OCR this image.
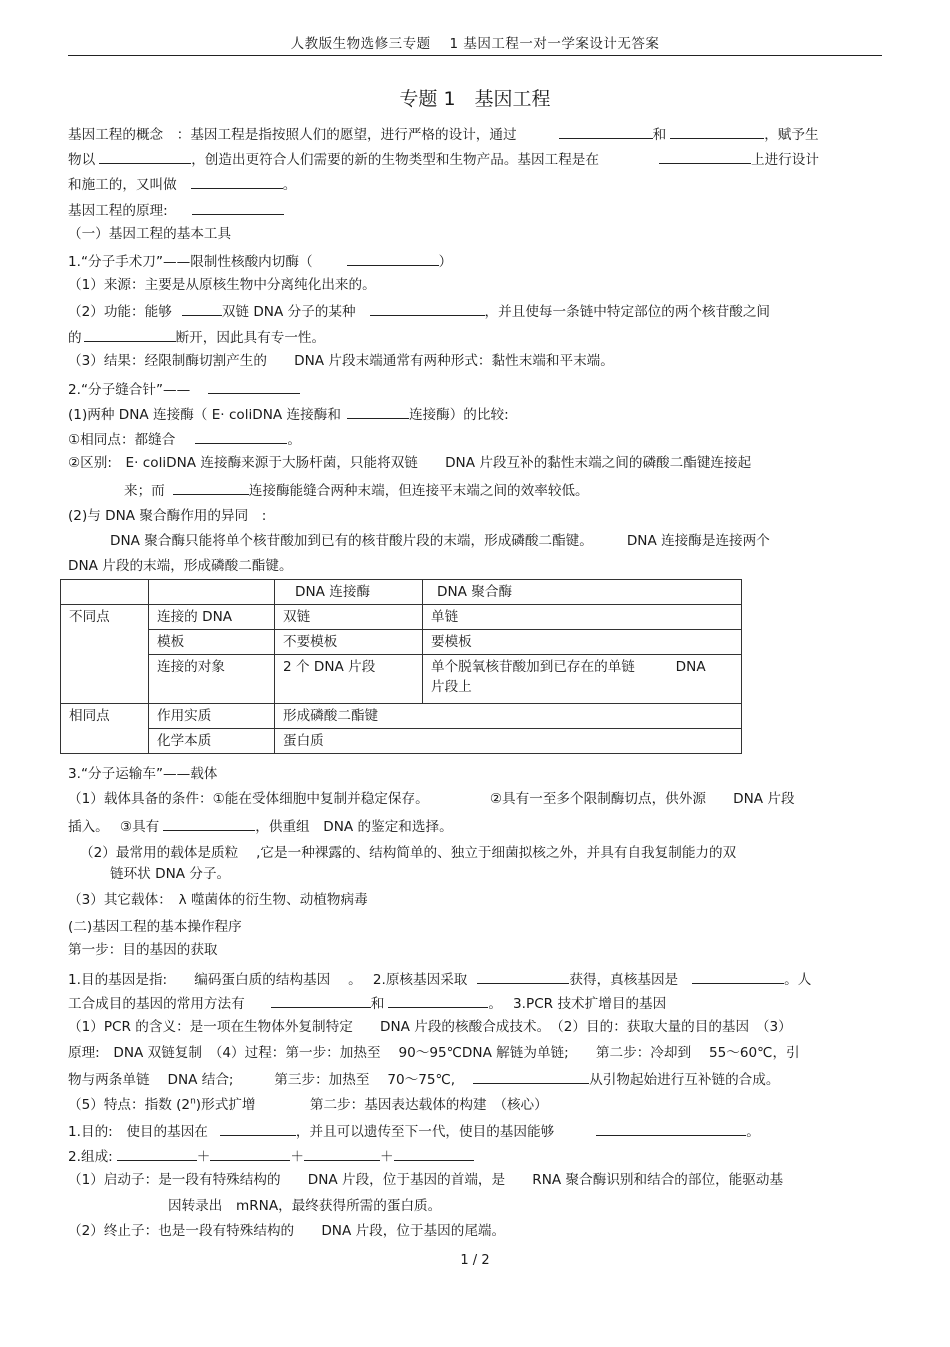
人教版生物选修三专题　 1 基因工程一对一学案设计无答案
专题 1　基因工程
基因工程的概念　：基因工程是指按照人们的愿望，进行严格的设计，通过	和	，赋予生
物以	，创造出更符合人们需要的新的生物类型和生物产品。基因工程是在	上进行设计
和施工的，又叫做	。
基因工程的原理:
（一）基因工程的基本工具
1.“分子手术刀”——限制性核酸内切酶（	）
（1）来源：主要是从原核生物中分离纯化出来的。
（2）功能：能够	双链 DNA 分子的某种	，并且使每一条链中特定部位的两个核苷酸之间
的	断开，因此具有专一性。
（3）结果：经限制酶切割产生的　　DNA 片段末端通常有两种形式：黏性末端和平末端。
2.“分子缝合针”——
(1)两种 DNA 连接酶（ E· coliDNA 连接酶和	连接酶）的比较:
①相同点：都缝合	。
②区别:　E· coliDNA 连接酶来源于大肠杆菌，只能将双链　　DNA 片段互补的黏性末端之间的磷酸二酯键连接起
来；而	连接酶能缝合两种末端，但连接平末端之间的效率较低。
(2)与 DNA 聚合酶作用的异同　:
DNA 聚合酶只能将单个核苷酸加到已有的核苷酸片段的末端，形成磷酸二酯键。　　　DNA 连接酶是连接两个
DNA 片段的末端，形成磷酸二酯键。
		DNA 连接酶	DNA 聚合酶
不同点	连接的 DNA	双链	单链
	模板	不要模板	要模板
	连接的对象	2 个 DNA 片段	单个脱氧核苷酸加到已存在的单链　　　DNA
片段上
相同点	作用实质	形成磷酸二酯键	
	化学本质	蛋白质	
3.“分子运输车”——载体
（1）载体具备的条件：①能在受体细胞中复制并稳定保存。　　　　　②具有一至多个限制酶切点，供外源　　DNA 片段
插入。　 ③具有	，供重组　DNA 的鉴定和选择。
（2）最常用的载体是质粒　 ,它是一种裸露的、结构简单的、独立于细菌拟核之外，并具有自我复制能力的双
链环状 DNA 分子。
（3）其它载体：　λ 噬菌体的衍生物、动植物病毒
(二)基因工程的基本操作程序
第一步：目的基因的获取
1.目的基因是指:　　编码蛋白质的结构基因　 。　 2.原核基因采取	获得，真核基因是	。人
工合成目的基因的常用方法有	和	。　 3.PCR 技术扩增目的基因
（1）PCR 的含义：是一项在生物体外复制特定　　DNA 片段的核酸合成技术。　（2）目的：获取大量的目的基因　（3）
原理:　DNA 双链复制　（4）过程：第一步：加热至　 90～95℃DNA 解链为单链;　　第二步：冷却到　 55～60℃，引
物与两条单链　 DNA 结合;　　　第三步：加热至　 70～75℃,	从引物起始进行互补链的合成。
（5）特点：指数 (2$^n$)形式扩增　　　　第二步：基因表达载体的构建　（核心）
1.目的:　使目的基因在	，并且可以遗传至下一代，使目的基因能够	。
2.组成:	＋	＋	＋
（1）启动子：是一段有特殊结构的　　DNA 片段，位于基因的首端，是　　RNA 聚合酶识别和结合的部位，能驱动基
因转录出　mRNA，最终获得所需的蛋白质。
（2）终止子：也是一段有特殊结构的　　DNA 片段，位于基因的尾端。
1 / 2
